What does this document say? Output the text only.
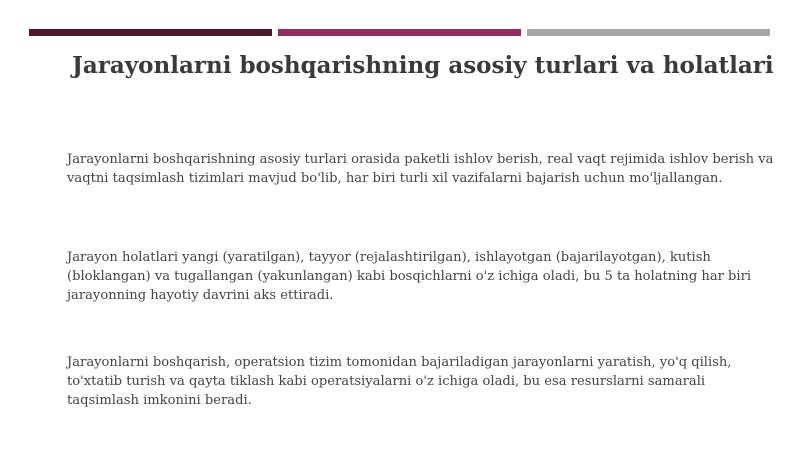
Jarayonlarni boshqarishning asosiy turlari va holatlari

Jarayonlarni boshqarishning asosiy turlari orasida paketli ishlov berish, real vaqt rejimida ishlov berish va vaqtni taqsimlash tizimlari mavjud bo'lib, har biri turli xil vazifalarni bajarish uchun mo'ljallangan.

Jarayon holatlari yangi (yaratilgan), tayyor (rejalashtirilgan), ishlayotgan (bajarilayotgan), kutish (bloklangan) va tugallangan (yakunlangan) kabi bosqichlarni o'z ichiga oladi, bu 5 ta holatning har biri jarayonning hayotiy davrini aks ettiradi.

Jarayonlarni boshqarish, operatsion tizim tomonidan bajariladigan jarayonlarni yaratish, yo'q qilish, to'xtatib turish va qayta tiklash kabi operatsiyalarni o'z ichiga oladi, bu esa resurslarni samarali taqsimlash imkonini beradi.
